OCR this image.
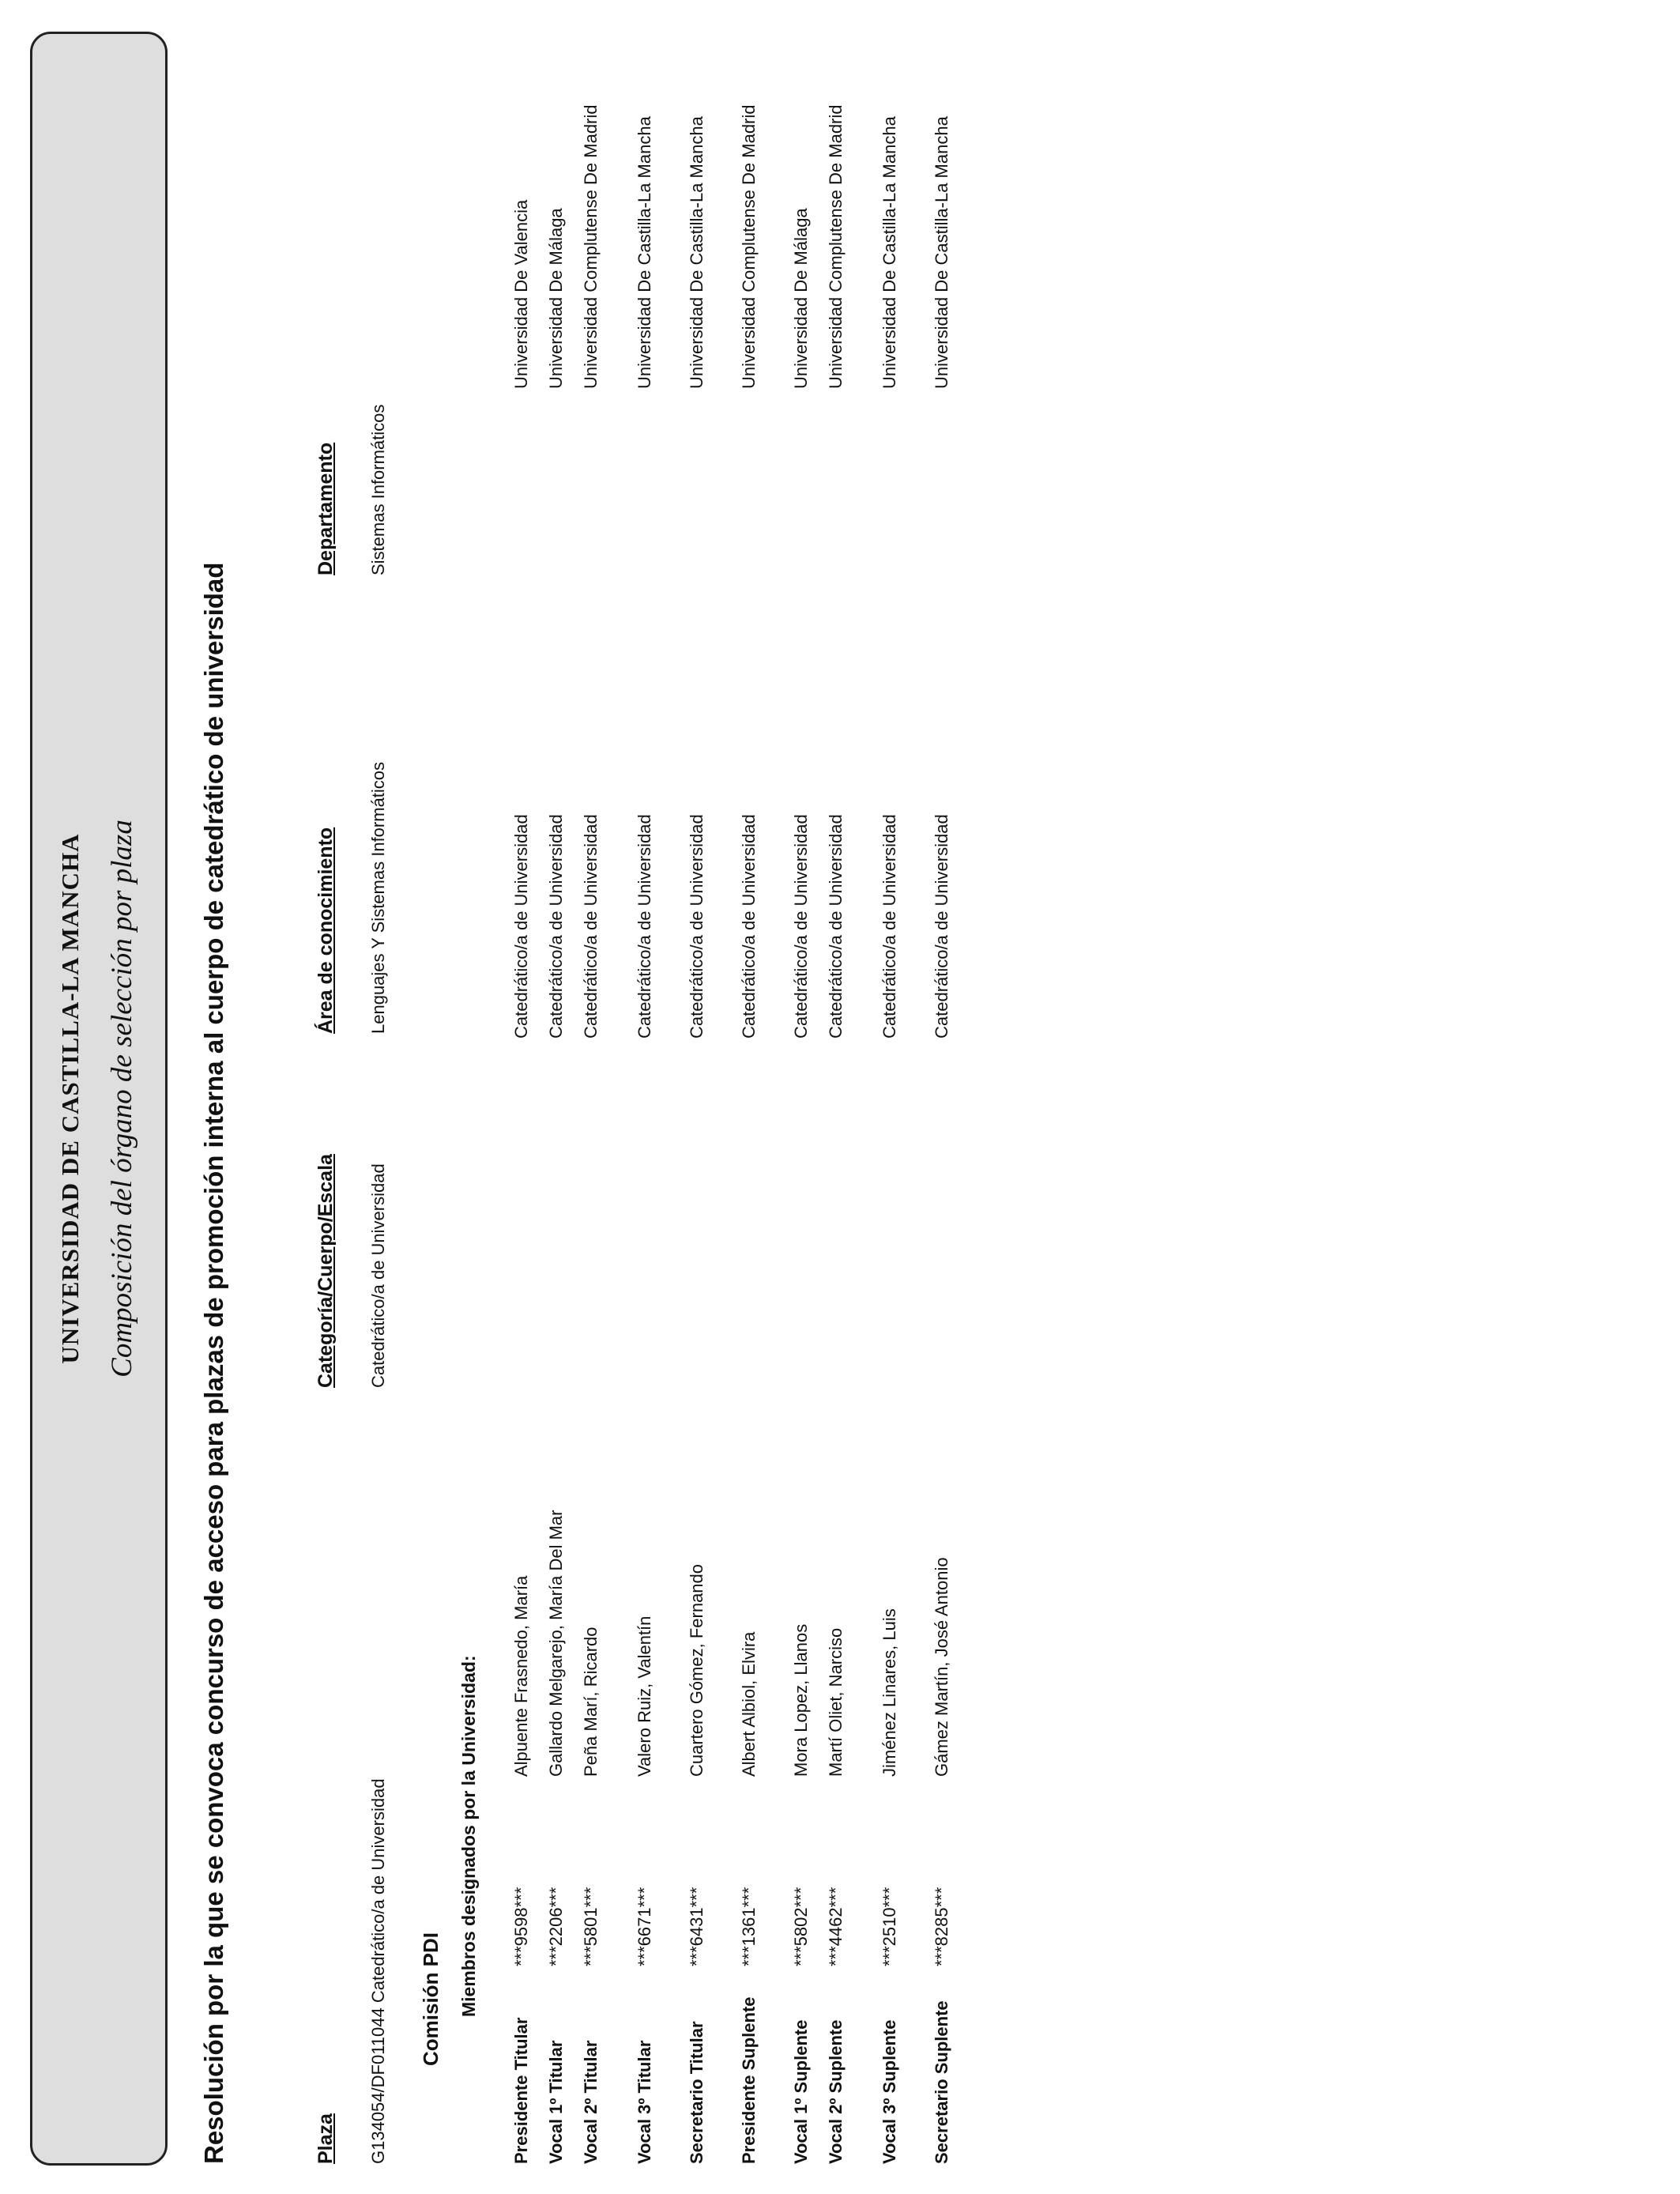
UNIVERSIDAD DE CASTILLA-LA MANCHA Composición del órgano de selección por plaza Resolución por la que se convoca concurso de acceso para plazas de promoción interna al cuerpo de catedrático de universidad	Plaza
Categoría/Cuerpo/Escala
Área de conocimiento
Departamento
G134054/DF011044 Catedrático/a de Universidad
Catedrático/a de Universidad
Lenguajes Y Sistemas Informáticos
Sistemas Informáticos
Comisión PDI Miembros designados por la Universidad:
Presidente Titular
***9598***
Alpuente Frasnedo, María
Catedrático/a de Universidad
Universidad De Valencia
Vocal 1º Titular
***2206***
Gallardo Melgarejo, María Del Mar
Catedrático/a de Universidad
Universidad De Málaga
Vocal 2º Titular
***5801***
Peña Marí, Ricardo
Catedrático/a de Universidad
Universidad Complutense De Madrid
Vocal 3º Titular
***6671***
Valero Ruiz, Valentín
Catedrático/a de Universidad
Universidad De Castilla-La Mancha
Secretario Titular
***6431***
Cuartero Gómez, Fernando
Catedrático/a de Universidad
Universidad De Castilla-La Mancha
Presidente Suplente
***1361***
Albert Albiol, Elvira
Catedrático/a de Universidad
Universidad Complutense De Madrid
Vocal 1º Suplente
***5802***
Mora Lopez, Llanos
Catedrático/a de Universidad
Universidad De Málaga
Vocal 2º Suplente
***4462***
Martí Oliet, Narciso
Catedrático/a de Universidad
Universidad Complutense De Madrid
Vocal 3º Suplente
***2510***
Jiménez Linares, Luis
Catedrático/a de Universidad
Universidad De Castilla-La Mancha
Secretario Suplente
***8285***
Gámez Martín, José Antonio
Catedrático/a de Universidad
Universidad De Castilla-La Mancha
